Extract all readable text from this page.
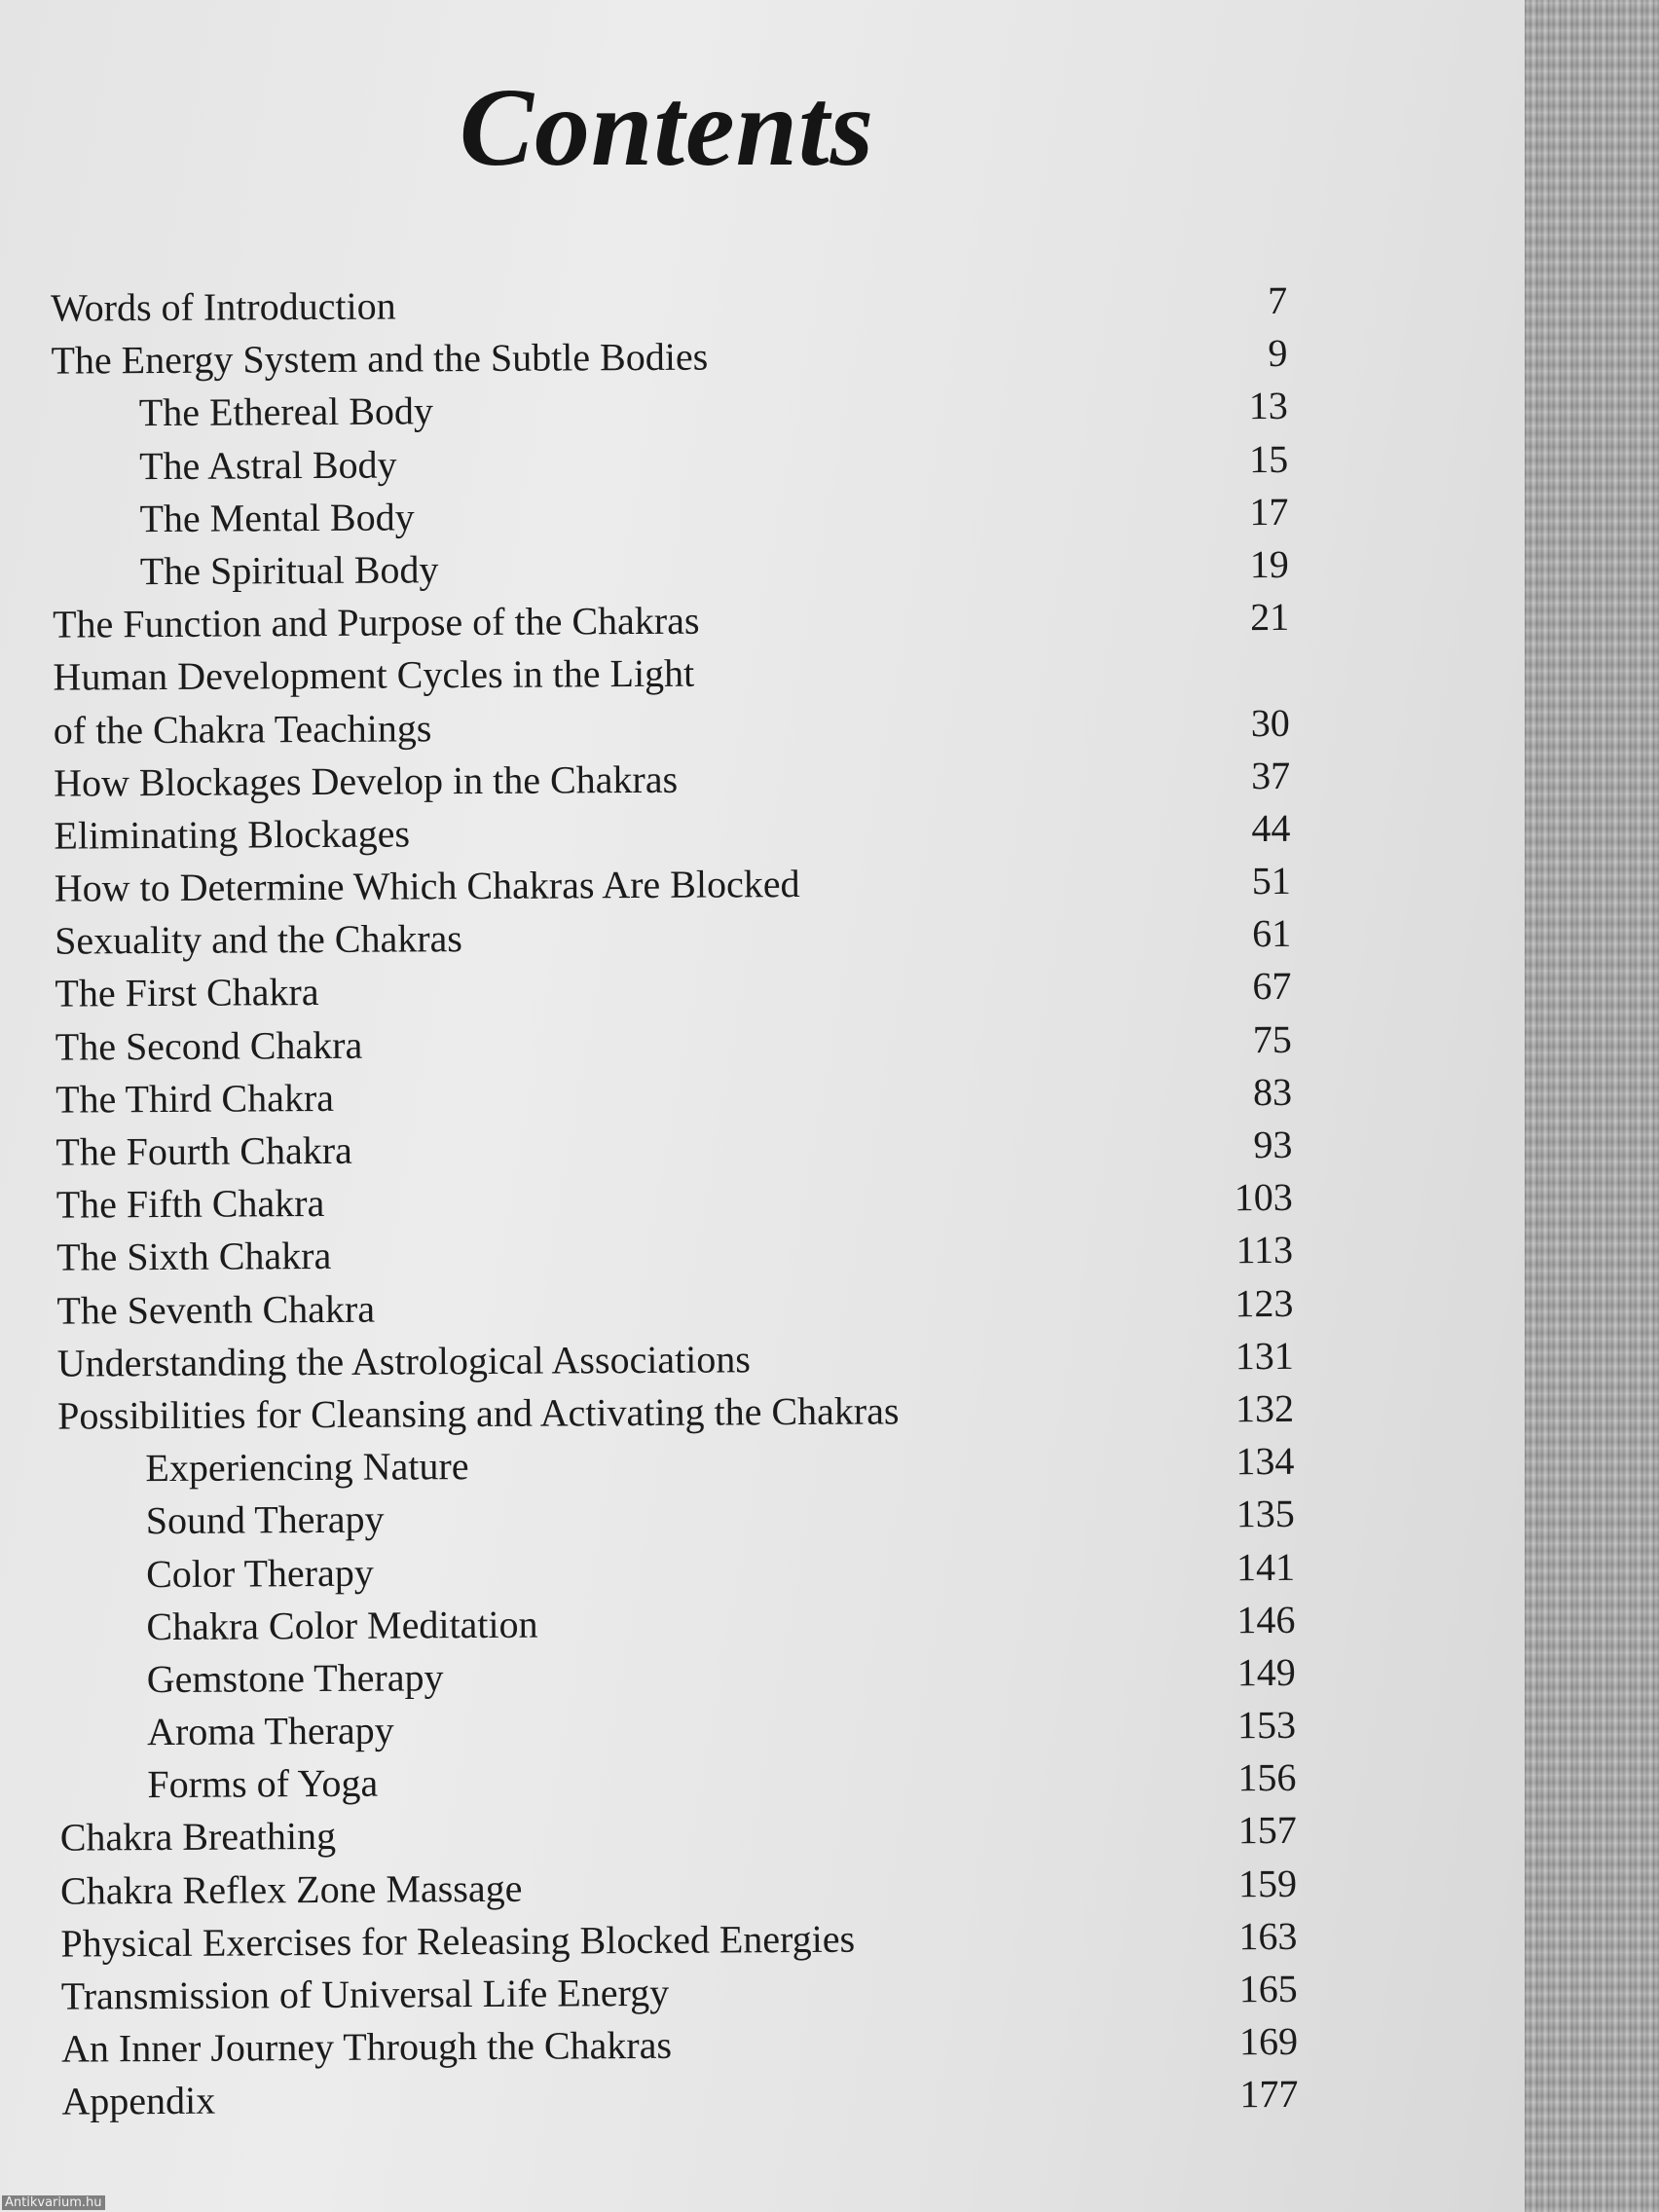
Contents
Words of Introduction	7
The Energy System and the Subtle Bodies	9
The Ethereal Body	13
The Astral Body	15
The Mental Body	17
The Spiritual Body	19
The Function and Purpose of the Chakras	21
Human Development Cycles in the Light
of the Chakra Teachings	30
How Blockages Develop in the Chakras	37
Eliminating Blockages	44
How to Determine Which Chakras Are Blocked	51
Sexuality and the Chakras	61
The First Chakra	67
The Second Chakra	75
The Third Chakra	83
The Fourth Chakra	93
The Fifth Chakra	103
The Sixth Chakra	113
The Seventh Chakra	123
Understanding the Astrological Associations	131
Possibilities for Cleansing and Activating the Chakras	132
Experiencing Nature	134
Sound Therapy	135
Color Therapy	141
Chakra Color Meditation	146
Gemstone Therapy	149
Aroma Therapy	153
Forms of Yoga	156
Chakra Breathing	157
Chakra Reflex Zone Massage	159
Physical Exercises for Releasing Blocked Energies	163
Transmission of Universal Life Energy	165
An Inner Journey Through the Chakras	169
Appendix	177
Antikvarium.hu
